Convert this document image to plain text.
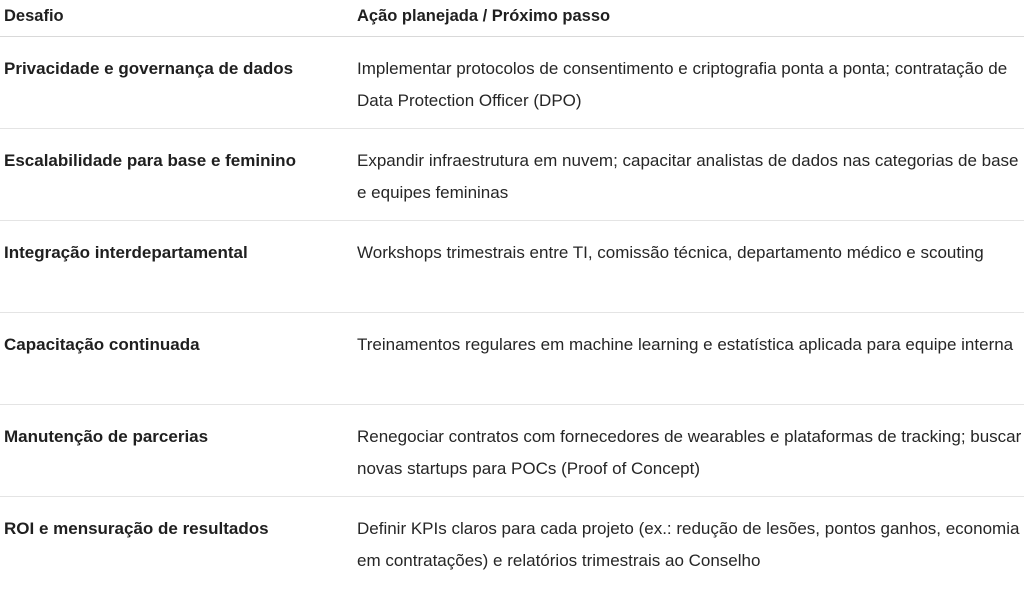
Desafio	Ação planejada / Próximo passo
Privacidade e governança de dados	Implementar protocolos de consentimento e criptografia ponta a ponta; contratação de Data Protection Officer (DPO)
Escalabilidade para base e feminino	Expandir infraestrutura em nuvem; capacitar analistas de dados nas categorias de base e equipes femininas
Integração interdepartamental	Workshops trimestrais entre TI, comissão técnica, departamento médico e scouting
Capacitação continuada	Treinamentos regulares em machine learning e estatística aplicada para equipe interna
Manutenção de parcerias	Renegociar contratos com fornecedores de wearables e plataformas de tracking; buscar novas startups para POCs (Proof of Concept)
ROI e mensuração de resultados	Definir KPIs claros para cada projeto (ex.: redução de lesões, pontos ganhos, economia em contratações) e relatórios trimestrais ao Conselho
